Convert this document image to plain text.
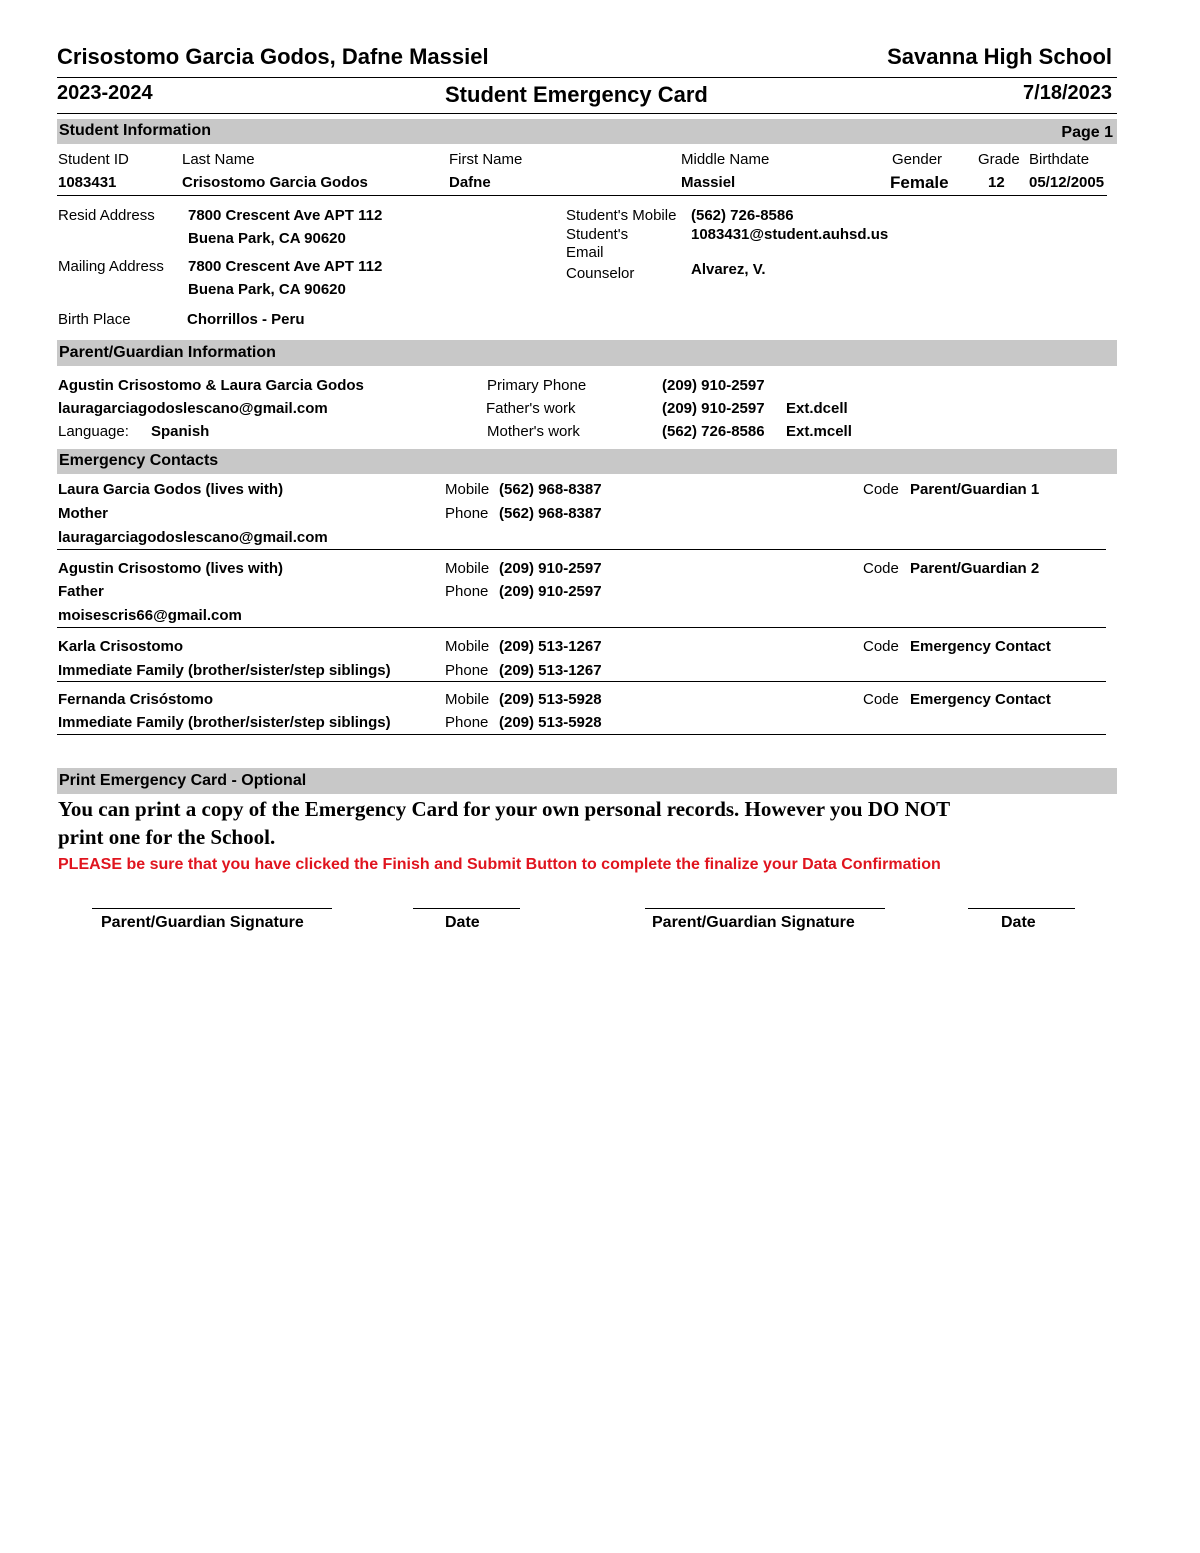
Crisostomo Garcia Godos, Dafne Massiel	Savanna High School
2023-2024	Student Emergency Card	7/18/2023
Student Information	Page 1
Student ID	Last Name	First Name	Middle Name	Gender Grade Birthdate
1083431	Crisostomo Garcia Godos	Dafne	Massiel	Female	12 05/12/2005
Resid Address 7800 Crescent Ave APT 112
Buena Park, CA 90620
Mailing Address 7800 Crescent Ave APT 112
Buena Park, CA 90620
Birth Place	Chorrillos - Peru
Student's Mobile (562) 726-8586
Student's
Email
1083431@student.auhsd.us
Counselor	Alvarez, V.
Parent/Guardian Information
Agustin Crisostomo & Laura Garcia Godos
lauragarciagodoslescano@gmail.com
Language: Spanish
Primary Phone	(209) 910-2597
Father's work	(209) 910-2597 Ext.dcell
Mother's work	(562) 726-8586 Ext.mcell
Emergency Contacts
Laura Garcia Godos (lives with)
Mother
lauragarciagodoslescano@gmail.com
Mobile (562) 968-8387
Phone (562) 968-8387
Code Parent/Guardian 1
Agustin Crisostomo (lives with)
Father
moisescris66@gmail.com
Mobile (209) 910-2597
Phone (209) 910-2597
Code Parent/Guardian 2
Karla Crisostomo
Immediate Family (brother/sister/step siblings)
Mobile (209) 513-1267
Phone (209) 513-1267
Code Emergency Contact
Fernanda Crisóstomo
Immediate Family (brother/sister/step siblings)
Mobile (209) 513-5928
Phone (209) 513-5928
Code Emergency Contact
Print Emergency Card - Optional
You can print a copy of the Emergency Card for your own personal records. However you DO NOT
print one for the School.
PLEASE be sure that you have clicked the Finish and Submit Button to complete the finalize your Data Confirmation
Parent/Guardian Signature	Date	Parent/Guardian Signature	Date
